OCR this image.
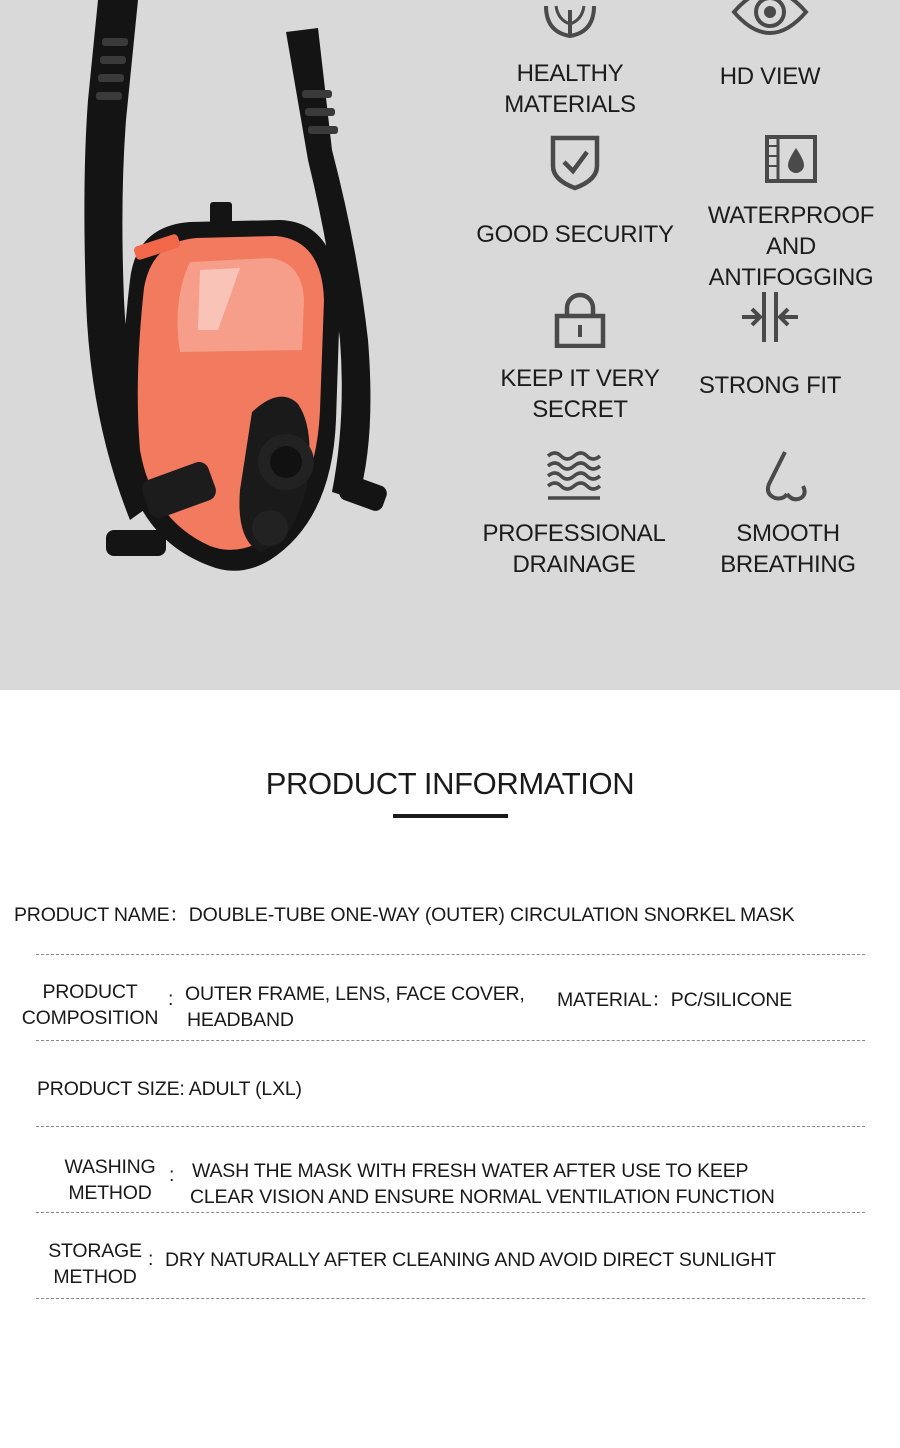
HEALTHY
MATERIALS
HD VIEW
GOOD SECURITY
WATERPROOF AND
ANTIFOGGING
KEEP IT VERY
SECRET
STRONG FIT
PROFESSIONAL
DRAINAGE
SMOOTH
BREATHING
PRODUCT INFORMATION
PRODUCT NAME：DOUBLE-TUBE ONE-WAY (OUTER) CIRCULATION SNORKEL MASK
PRODUCT
COMPOSITION
: OUTER FRAME, LENS, FACE COVER,
HEADBAND
MATERIAL：PC/SILICONE
PRODUCT SIZE: ADULT (LXL)
WASHING
METHOD
: WASH THE MASK WITH FRESH WATER AFTER USE TO KEEP
CLEAR VISION AND ENSURE NORMAL VENTILATION FUNCTION
STORAGE
METHOD
: DRY NATURALLY AFTER CLEANING AND AVOID DIRECT SUNLIGHT
